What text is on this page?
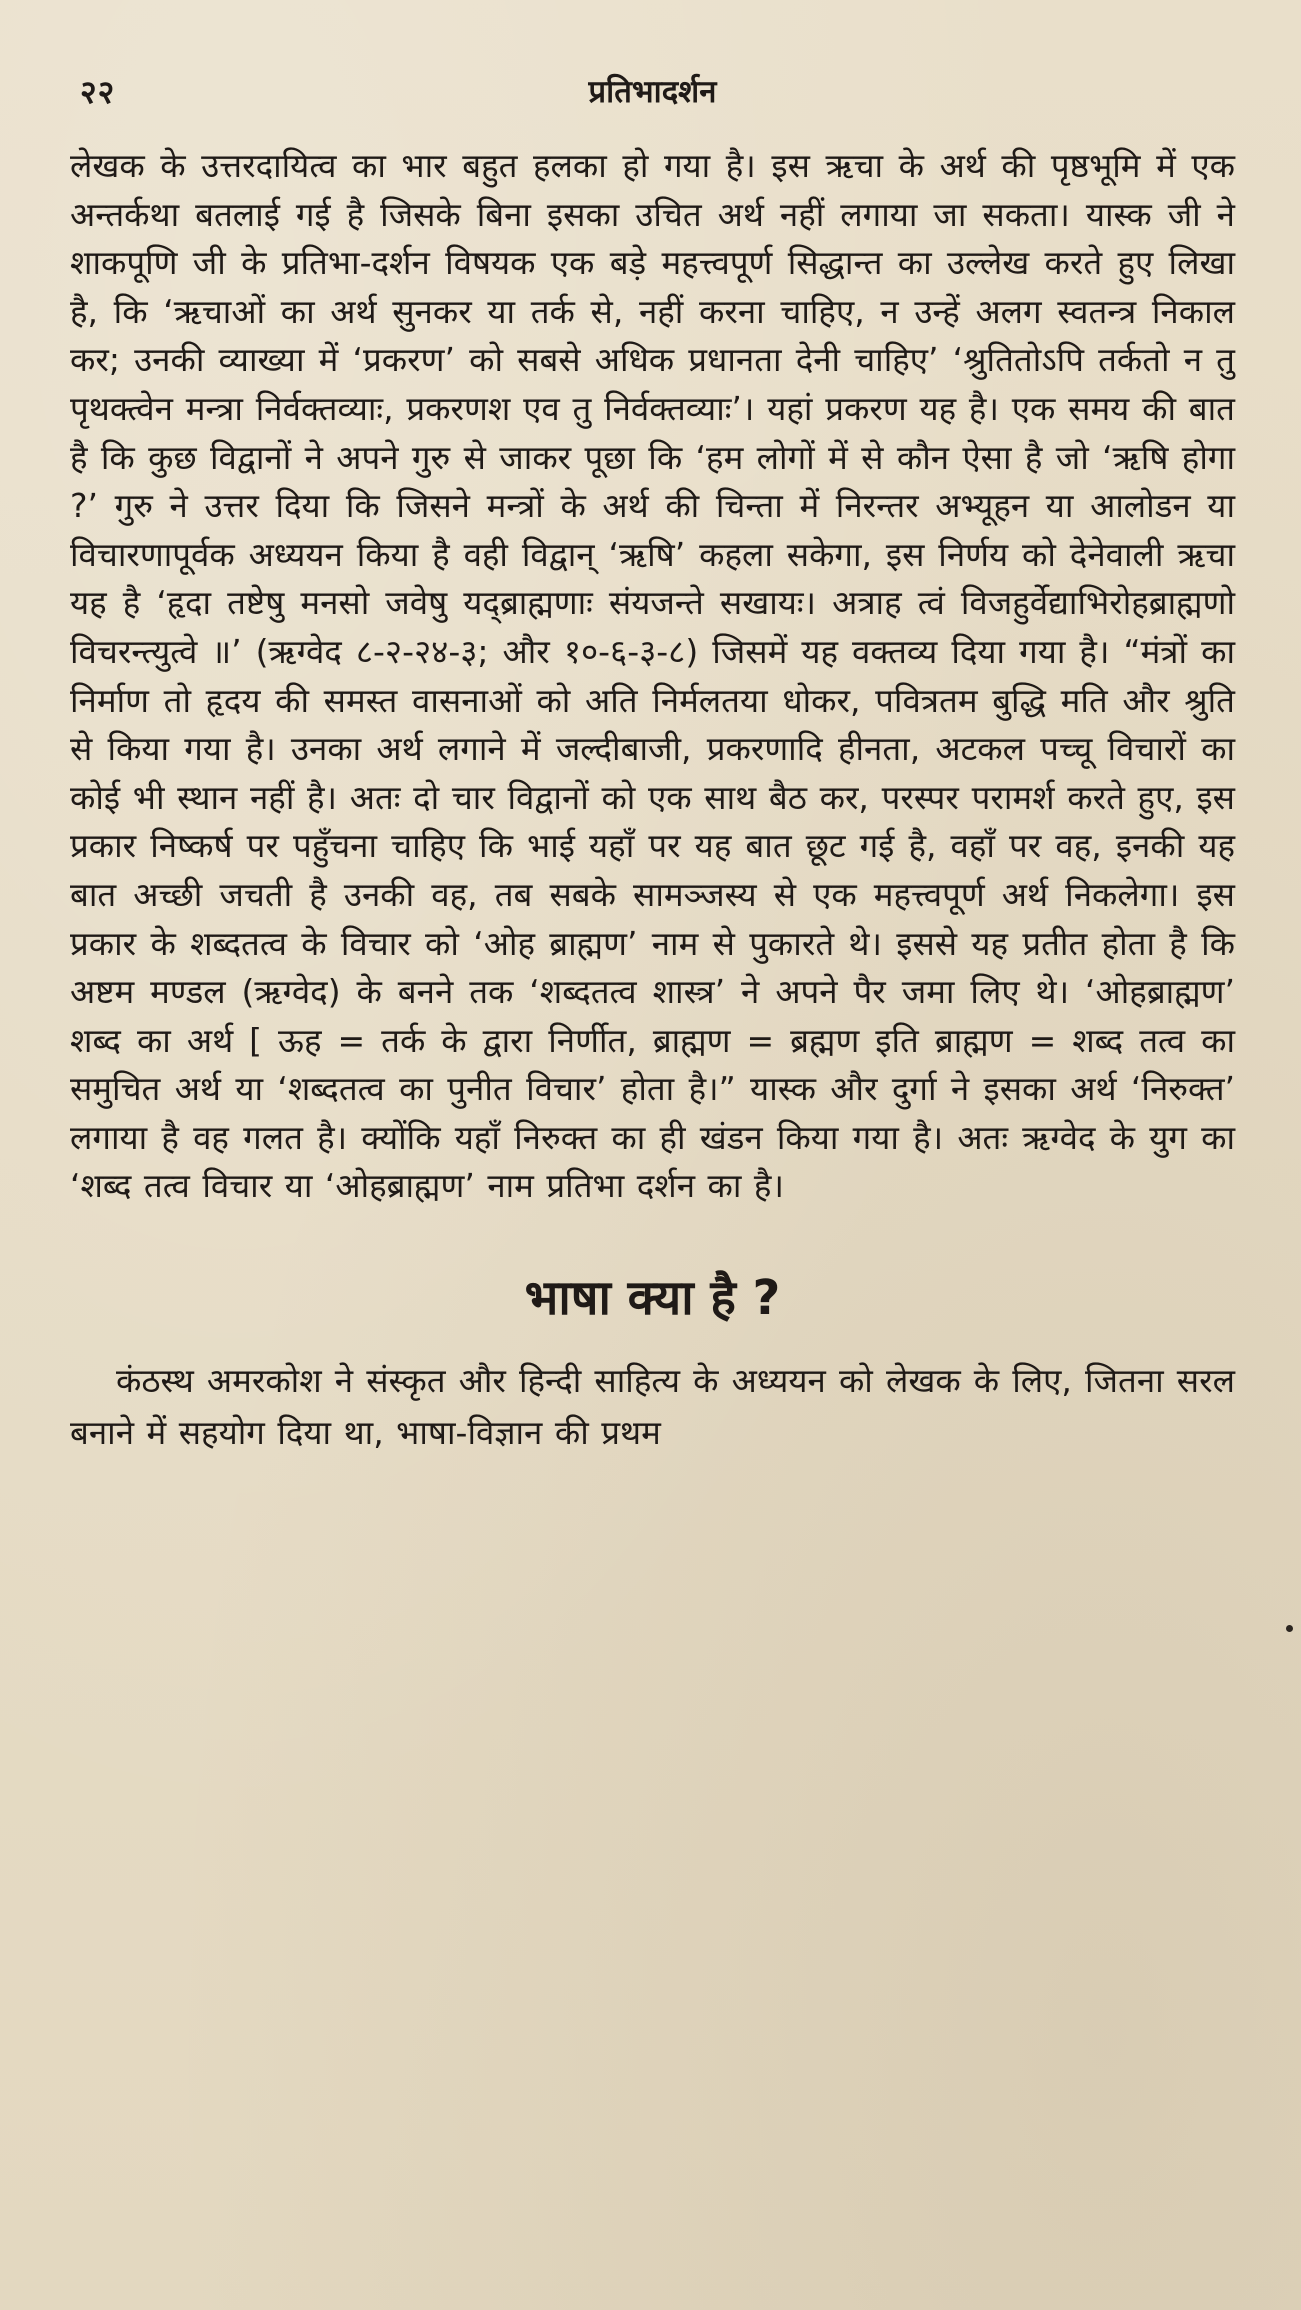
२२	प्रतिभादर्शन

लेखक के उत्तरदायित्व का भार बहुत हलका हो गया है। इस ऋचा के अर्थ की पृष्ठभूमि में एक अन्तर्कथा बतलाई गई है जिसके बिना इसका उचित अर्थ नहीं लगाया जा सकता। यास्क जी ने शाकपूणि जी के प्रतिभा-दर्शन विषयक एक बड़े महत्त्वपूर्ण सिद्धान्त का उल्लेख करते हुए लिखा है, कि ‘ऋचाओं का अर्थ सुनकर या तर्क से, नहीं करना चाहिए, न उन्हें अलग स्वतन्त्र निकाल कर; उनकी व्याख्या में ‘प्रकरण’ को सबसे अधिक प्रधानता देनी चाहिए’ ‘श्रुतितोऽपि तर्कतो न तु पृथक्त्वेन मन्त्रा निर्वक्तव्याः, प्रकरणश एव तु निर्वक्तव्याः’। यहां प्रकरण यह है। एक समय की बात है कि कुछ विद्वानों ने अपने गुरु से जाकर पूछा कि ‘हम लोगों में से कौन ऐसा है जो ‘ऋषि होगा ?’ गुरु ने उत्तर दिया कि जिसने मन्त्रों के अर्थ की चिन्ता में निरन्तर अभ्यूहन या आलोडन या विचारणापूर्वक अध्ययन किया है वही विद्वान् ‘ऋषि’ कहला सकेगा, इस निर्णय को देनेवाली ऋचा यह है ‘हृदा तष्टेषु मनसो जवेषु यद्ब्राह्मणाः संयजन्ते सखायः। अत्राह त्वं विजहुर्वेद्याभिरोहब्राह्मणो विचरन्त्युत्वे ॥’ (ऋग्वेद ८-२-२४-३; और १०-६-३-८) जिसमें यह वक्तव्य दिया गया है। “मंत्रों का निर्माण तो हृदय की समस्त वासनाओं को अति निर्मलतया धोकर, पवित्रतम बुद्धि मति और श्रुति से किया गया है। उनका अर्थ लगाने में जल्दीबाजी, प्रकरणादि हीनता, अटकल पच्चू विचारों का कोई भी स्थान नहीं है। अतः दो चार विद्वानों को एक साथ बैठ कर, परस्पर परामर्श करते हुए, इस प्रकार निष्कर्ष पर पहुँचना चाहिए कि भाई यहाँ पर यह बात छूट गई है, वहाँ पर वह, इनकी यह बात अच्छी जचती है उनकी वह, तब सबके सामञ्जस्य से एक महत्त्वपूर्ण अर्थ निकलेगा। इस प्रकार के शब्दतत्व के विचार को ‘ओह ब्राह्मण’ नाम से पुकारते थे। इससे यह प्रतीत होता है कि अष्टम मण्डल (ऋग्वेद) के बनने तक ‘शब्दतत्व शास्त्र’ ने अपने पैर जमा लिए थे। ‘ओहब्राह्मण’ शब्द का अर्थ [ ऊह = तर्क के द्वारा निर्णीत, ब्राह्मण = ब्रह्मण इति ब्राह्मण = शब्द तत्व का समुचित अर्थ या ‘शब्दतत्व का पुनीत विचार’ होता है।” यास्क और दुर्गा ने इसका अर्थ ‘निरुक्त’ लगाया है वह गलत है। क्योंकि यहाँ निरुक्त का ही खंडन किया गया है। अतः ऋग्वेद के युग का ‘शब्द तत्व विचार या ‘ओहब्राह्मण’ नाम प्रतिभा दर्शन का है।

भाषा क्या है ?

कंठस्थ अमरकोश ने संस्कृत और हिन्दी साहित्य के अध्ययन को लेखक के लिए, जितना सरल बनाने में सहयोग दिया था, भाषा-विज्ञान की प्रथम
